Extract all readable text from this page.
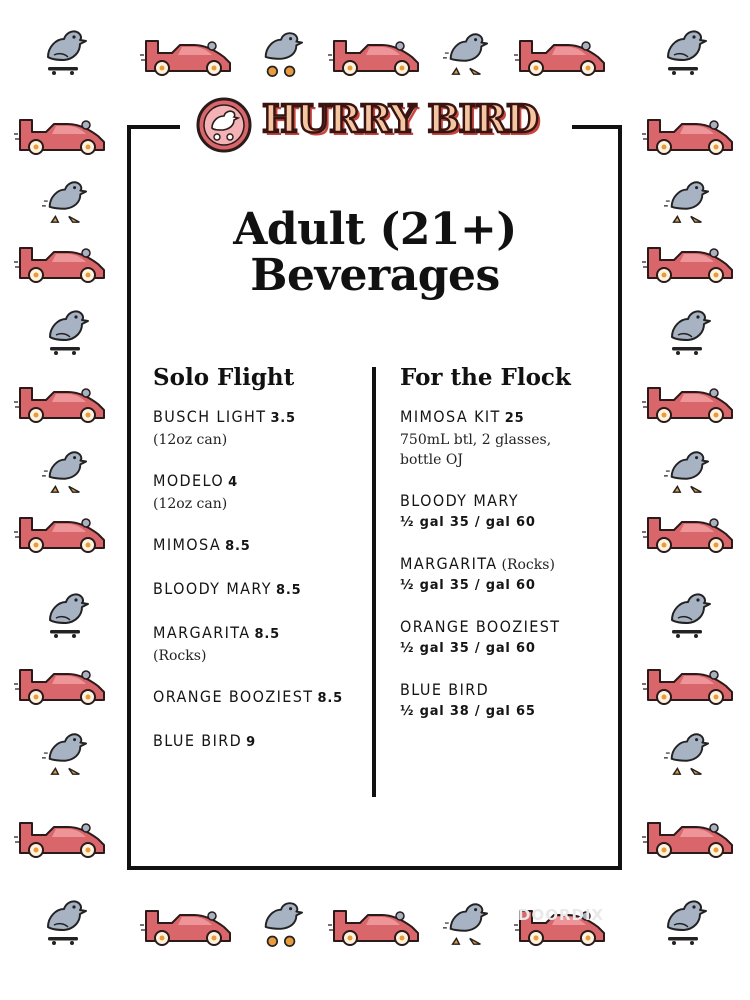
HURRY BIRD
Adult (21+)
Beverages
Solo Flight
BUSCH LIGHT 3.5
(12oz can)
MODELO 4
(12oz can)
MIMOSA 8.5
BLOODY MARY 8.5
MARGARITA 8.5
(Rocks)
ORANGE BOOZIEST 8.5
BLUE BIRD 9
For the Flock
MIMOSA KIT 25
750mL btl, 2 glasses,
bottle OJ
BLOODY MARY
½ gal 35 / gal 60
MARGARITA (Rocks)
½ gal 35 / gal 60
ORANGE BOOZIEST
½ gal 35 / gal 60
BLUE BIRD
½ gal 38 / gal 65
DOORDIX
